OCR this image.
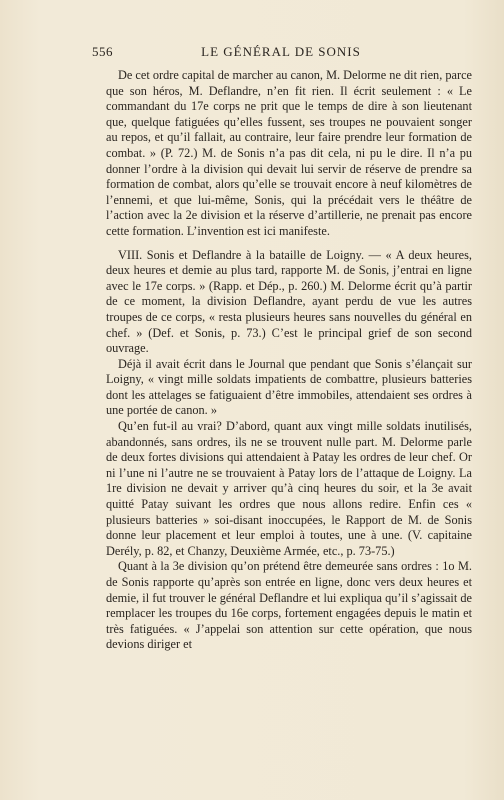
556	LE GÉNÉRAL DE SONIS

De cet ordre capital de marcher au canon, M. Delorme ne dit rien, parce que son héros, M. Deflandre, n’en fit rien. Il écrit seulement : « Le commandant du 17e corps ne prit que le temps de dire à son lieutenant que, quelque fatiguées qu’elles fussent, ses troupes ne pouvaient songer au repos, et qu’il fallait, au contraire, leur faire prendre leur formation de combat. » (P. 72.) M. de Sonis n’a pas dit cela, ni pu le dire. Il n’a pu donner l’ordre à la division qui devait lui servir de réserve de prendre sa formation de combat, alors qu’elle se trouvait encore à neuf kilomètres de l’ennemi, et que lui-même, Sonis, qui la précédait vers le théâtre de l’action avec la 2e division et la réserve d’artillerie, ne prenait pas encore cette formation. L’invention est ici manifeste.

VIII. Sonis et Deflandre à la bataille de Loigny. — « A deux heures, deux heures et demie au plus tard, rapporte M. de Sonis, j’entrai en ligne avec le 17e corps. » (Rapp. et Dép., p. 260.) M. Delorme écrit qu’à partir de ce moment, la division Deflandre, ayant perdu de vue les autres troupes de ce corps, « resta plusieurs heures sans nouvelles du général en chef. » (Def. et Sonis, p. 73.) C’est le principal grief de son second ouvrage.

Déjà il avait écrit dans le Journal que pendant que Sonis s’élançait sur Loigny, « vingt mille soldats impatients de combattre, plusieurs batteries dont les attelages se fatiguaient d’être immobiles, attendaient ses ordres à une portée de canon. »

Qu’en fut-il au vrai? D’abord, quant aux vingt mille soldats inutilisés, abandonnés, sans ordres, ils ne se trouvent nulle part. M. Delorme parle de deux fortes divisions qui attendaient à Patay les ordres de leur chef. Or ni l’une ni l’autre ne se trouvaient à Patay lors de l’attaque de Loigny. La 1re division ne devait y arriver qu’à cinq heures du soir, et la 3e avait quitté Patay suivant les ordres que nous allons redire. Enfin ces « plusieurs batteries » soi-disant inoccupées, le Rapport de M. de Sonis donne leur placement et leur emploi à toutes, une à une. (V. capitaine Derély, p. 82, et Chanzy, Deuxième Armée, etc., p. 73-75.)

Quant à la 3e division qu’on prétend être demeurée sans ordres : 1o M. de Sonis rapporte qu’après son entrée en ligne, donc vers deux heures et demie, il fut trouver le général Deflandre et lui expliqua qu’il s’agissait de remplacer les troupes du 16e corps, fortement engagées depuis le matin et très fatiguées. « J’appelai son attention sur cette opération, que nous devions diriger et
